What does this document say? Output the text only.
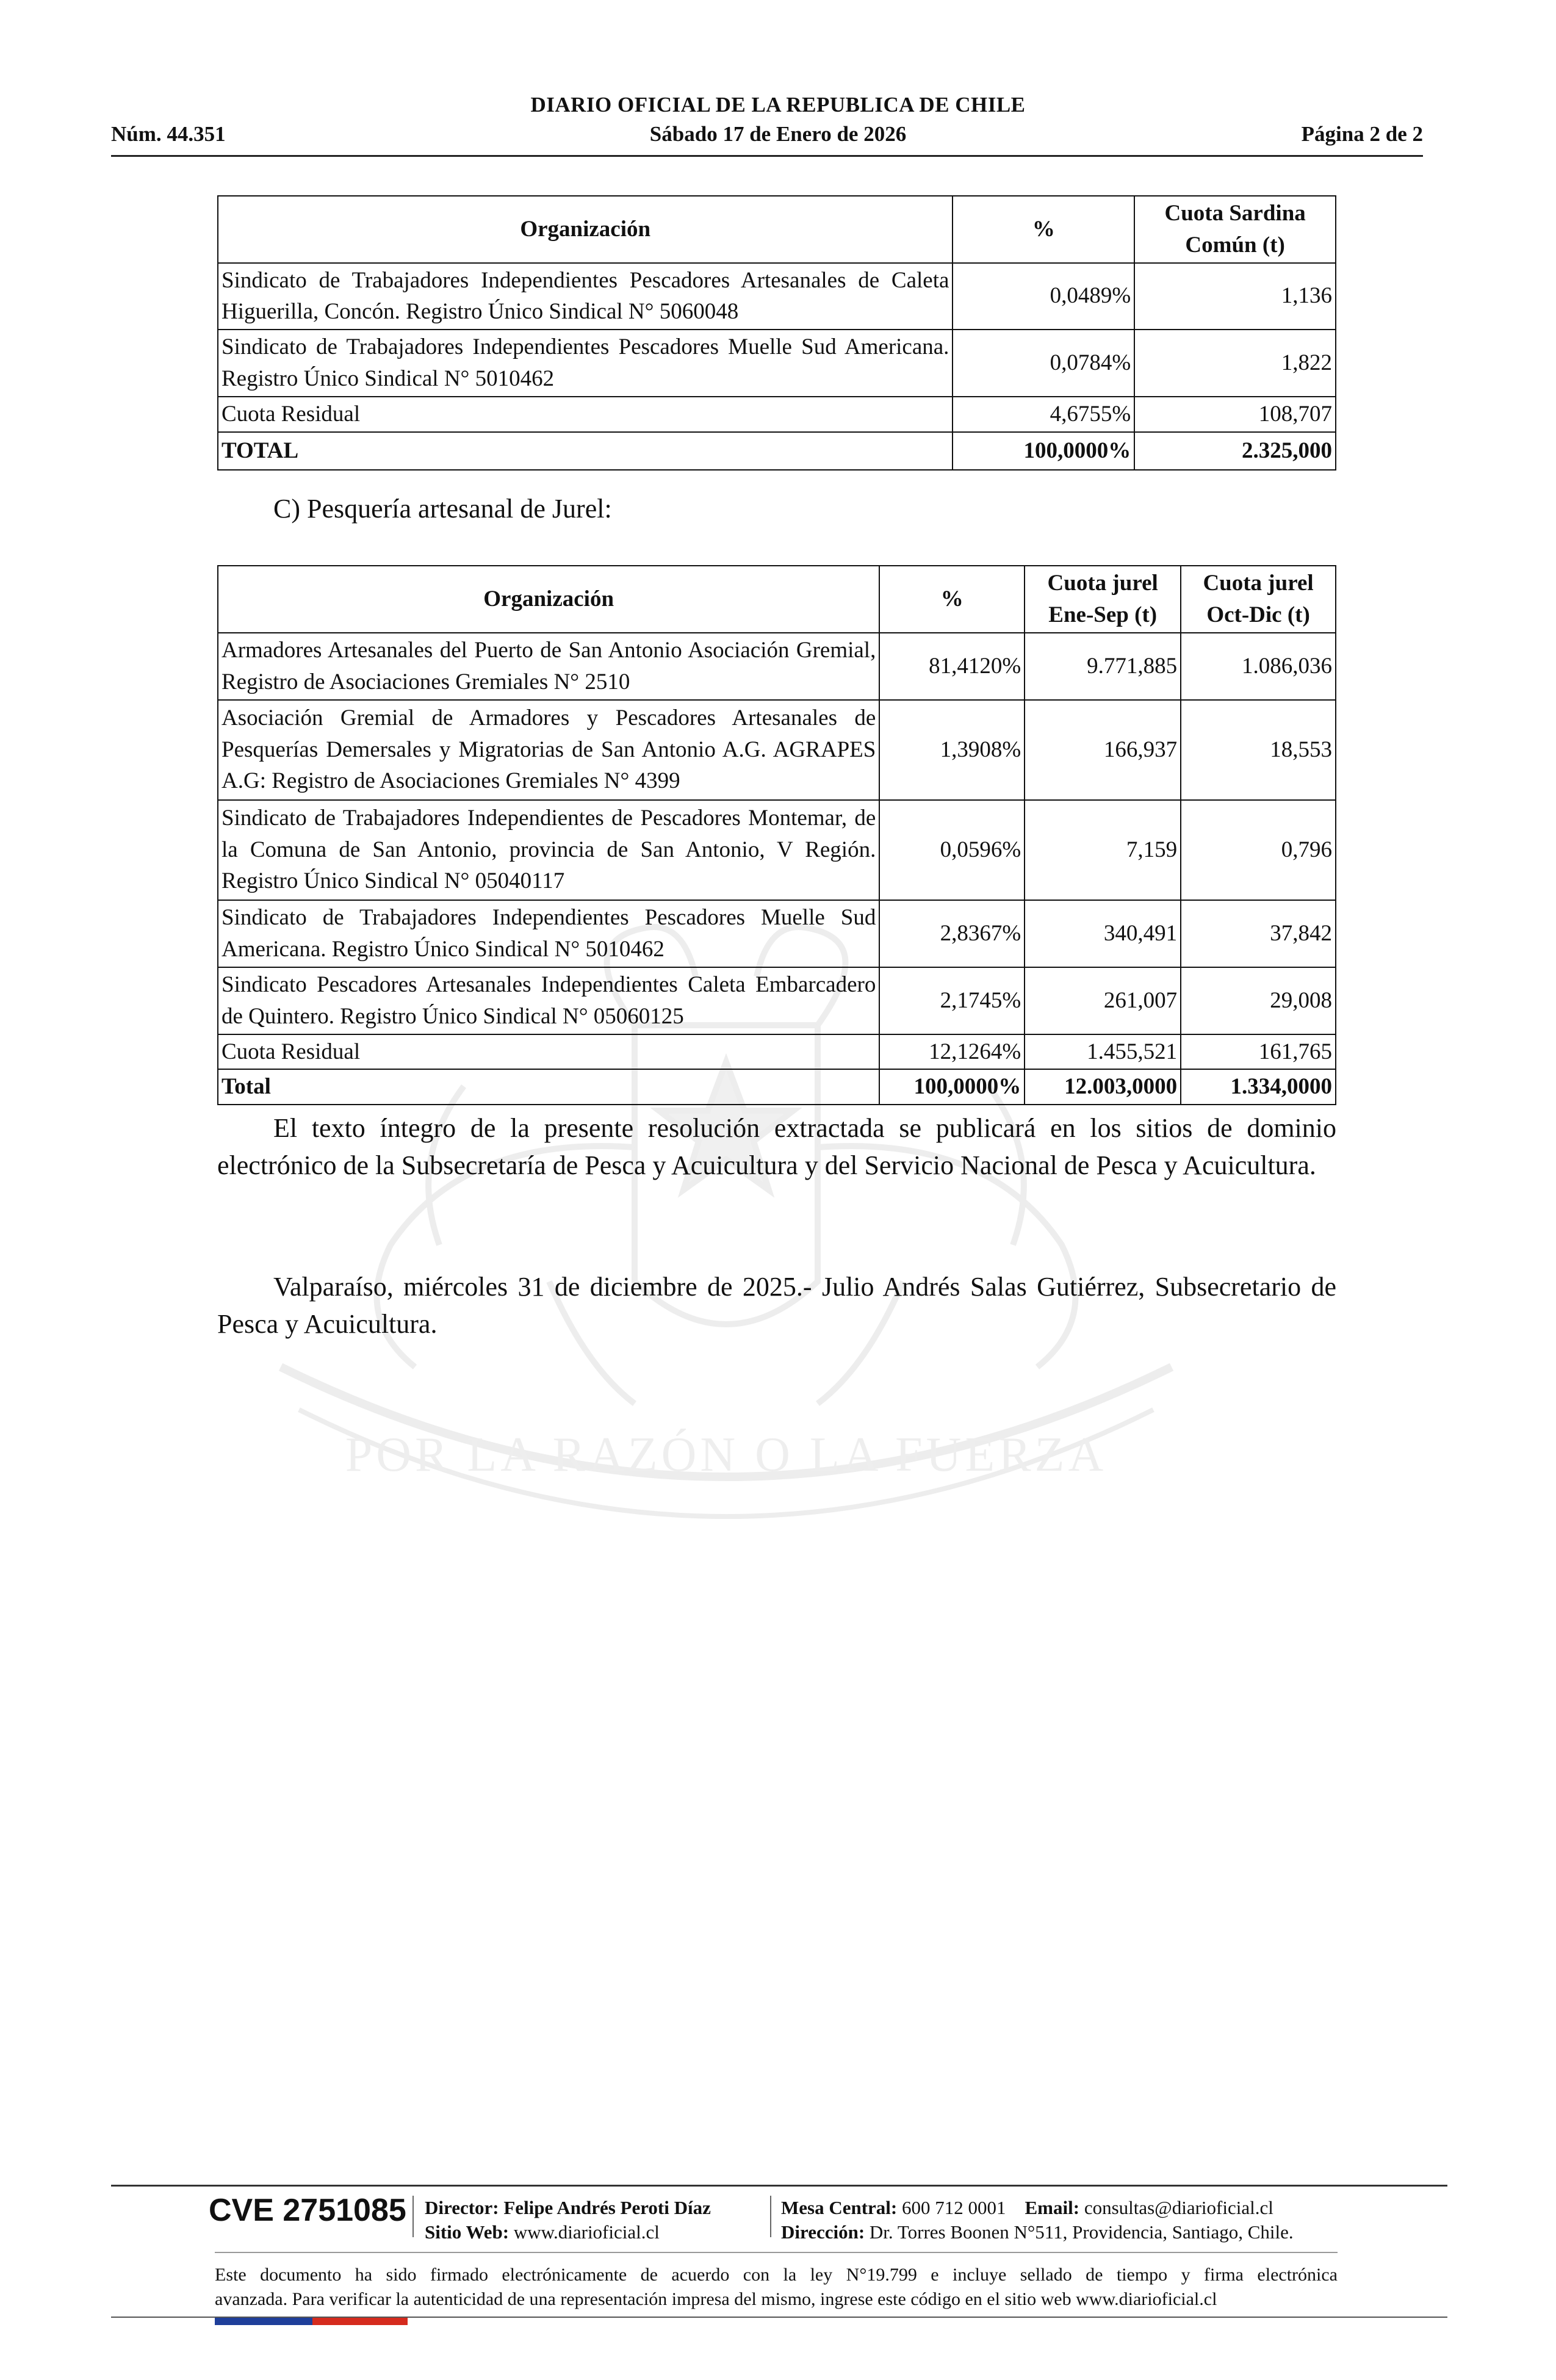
POR LA RAZÓN O LA FUERZA
DIARIO OFICIAL DE LA REPUBLICA DE CHILE
Núm. 44.351	Sábado 17 de Enero de 2026	Página 2 de 2
Organización	%	Cuota Sardina Común (t)
Sindicato de Trabajadores Independientes Pescadores Artesanales de Caleta Higuerilla, Concón. Registro Único Sindical N° 5060048	0,0489%	1,136
Sindicato de Trabajadores Independientes Pescadores Muelle Sud Americana. Registro Único Sindical N° 5010462	0,0784%	1,822
Cuota Residual	4,6755%	108,707
TOTAL	100,0000%	2.325,000
C) Pesquería artesanal de Jurel:
Organización	%	Cuota jurel Ene-Sep (t)	Cuota jurel Oct-Dic (t)
Armadores Artesanales del Puerto de San Antonio Asociación Gremial, Registro de Asociaciones Gremiales N° 2510	81,4120%	9.771,885	1.086,036
Asociación Gremial de Armadores y Pescadores Artesanales de Pesquerías Demersales y Migratorias de San Antonio A.G. AGRAPES A.G: Registro de Asociaciones Gremiales N° 4399	1,3908%	166,937	18,553
Sindicato de Trabajadores Independientes de Pescadores Montemar, de la Comuna de San Antonio, provincia de San Antonio, V Región. Registro Único Sindical N° 05040117	0,0596%	7,159	0,796
Sindicato de Trabajadores Independientes Pescadores Muelle Sud Americana. Registro Único Sindical N° 5010462	2,8367%	340,491	37,842
Sindicato Pescadores Artesanales Independientes Caleta Embarcadero de Quintero. Registro Único Sindical N° 05060125	2,1745%	261,007	29,008
Cuota Residual	12,1264%	1.455,521	161,765
Total	100,0000%	12.003,0000	1.334,0000

El texto íntegro de la presente resolución extractada se publicará en los sitios de dominio electrónico de la Subsecretaría de Pesca y Acuicultura y del Servicio Nacional de Pesca y Acuicultura.

Valparaíso, miércoles 31 de diciembre de 2025.- Julio Andrés Salas Gutiérrez, Subsecretario de Pesca y Acuicultura.

CVE 2751085 Director: Felipe Andrés Peroti Díaz
Sitio Web: www.diarioficial.cl
Mesa Central: 600 712 0001 Email: consultas@diarioficial.cl
Dirección: Dr. Torres Boonen N°511, Providencia, Santiago, Chile.
Este documento ha sido firmado electrónicamente de acuerdo con la ley N°19.799 e incluye sellado de tiempo y firma electrónica
avanzada. Para verificar la autenticidad de una representación impresa del mismo, ingrese este código en el sitio web www.diarioficial.cl
